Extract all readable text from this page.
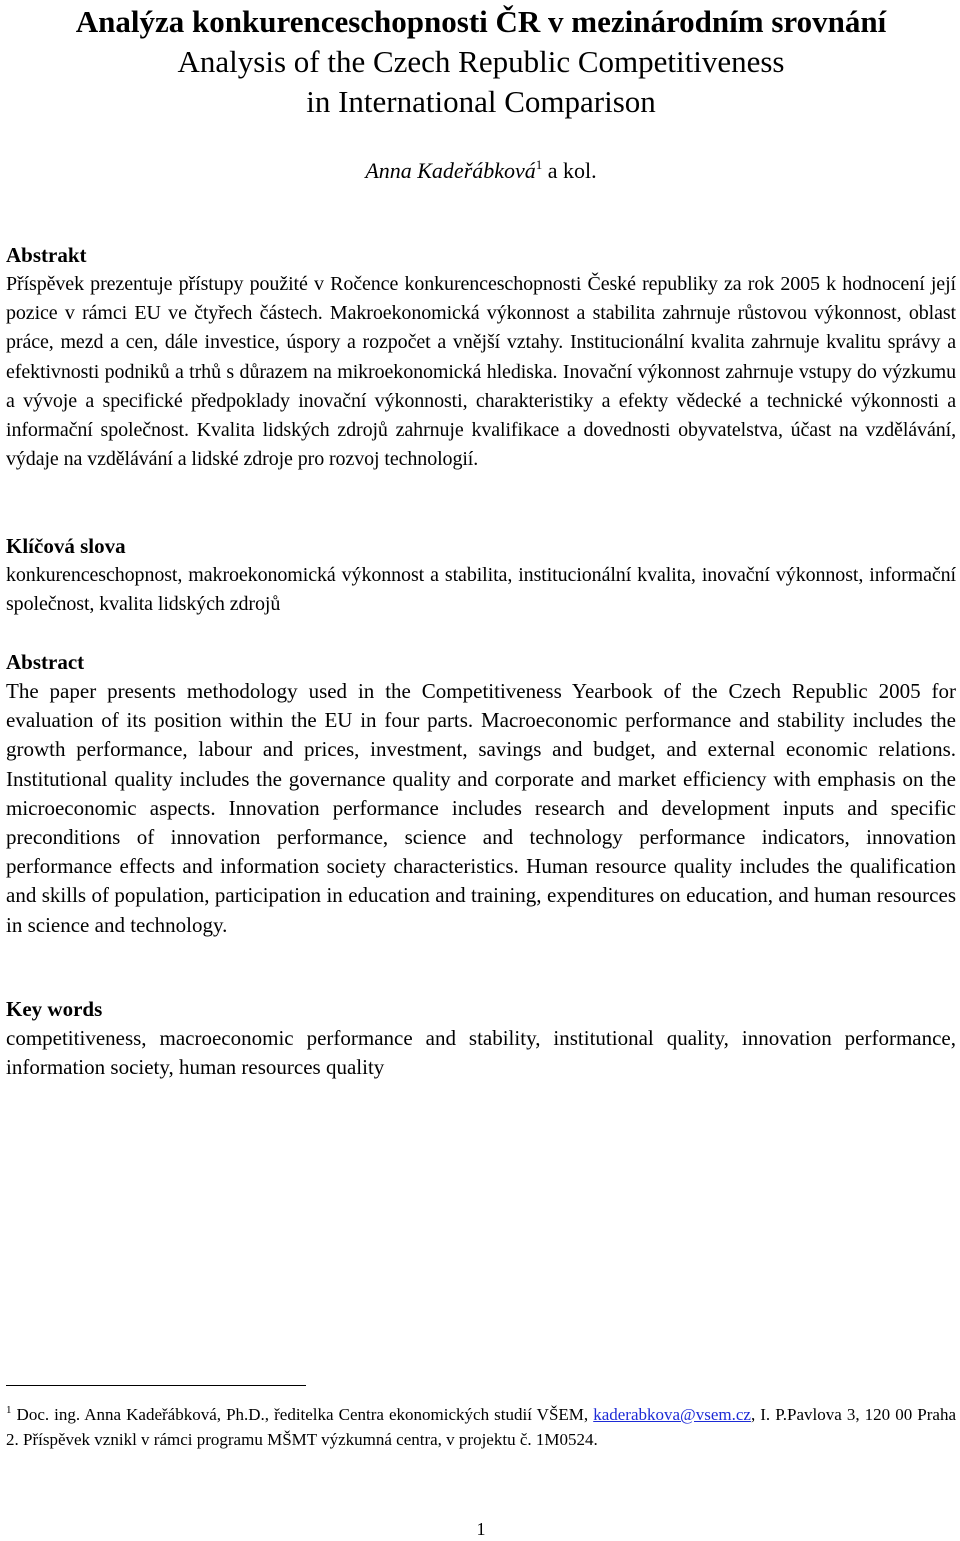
Analýza konkurenceschopnosti ČR v mezinárodním srovnání
Analysis of the Czech Republic Competitiveness
in International Comparison
Anna Kadeřábková$^1$ a kol.
Abstrakt

Příspěvek prezentuje přístupy použité v Ročence konkurenceschopnosti České republiky za rok 2005 k hodnocení její pozice v rámci EU ve čtyřech částech. Makroekonomická výkonnost a stabilita zahrnuje růstovou výkonnost, oblast práce, mezd a cen, dále investice, úspory a rozpočet a vnější vztahy. Institucionální kvalita zahrnuje kvalitu správy a efektivnosti podniků a trhů s důrazem na mikroekonomická hlediska. Inovační výkonnost zahrnuje vstupy do výzkumu a vývoje a specifické předpoklady inovační výkonnosti, charakteristiky a efekty vědecké a technické výkonnosti a informační společnost. Kvalita lidských zdrojů zahrnuje kvalifikace a dovednosti obyvatelstva, účast na vzdělávání, výdaje na vzdělávání a lidské zdroje pro rozvoj technologií.

Klíčová slova

konkurenceschopnost, makroekonomická výkonnost a stabilita, institucionální kvalita, inovační výkonnost, informační společnost, kvalita lidských zdrojů

Abstract

The paper presents methodology used in the Competitiveness Yearbook of the Czech Republic 2005 for evaluation of its position within the EU in four parts. Macroeconomic performance and stability includes the growth performance, labour and prices, investment, savings and budget, and external economic relations. Institutional quality includes the governance quality and corporate and market efficiency with emphasis on the microeconomic aspects. Innovation performance includes research and development inputs and specific preconditions of innovation performance, science and technology performance indicators, innovation performance effects and information society characteristics. Human resource quality includes the qualification and skills of population, participation in education and training, expenditures on education, and human resources in science and technology.

Key words

competitiveness, macroeconomic performance and stability, institutional quality, innovation performance, information society, human resources quality

$^1$ Doc. ing. Anna Kadeřábková, Ph.D., ředitelka Centra ekonomických studií VŠEM, kaderabkova@vsem.cz, I. P.Pavlova 3, 120 00 Praha 2. Příspěvek vznikl v rámci programu MŠMT výzkumná centra, v projektu č. 1M0524.

1
